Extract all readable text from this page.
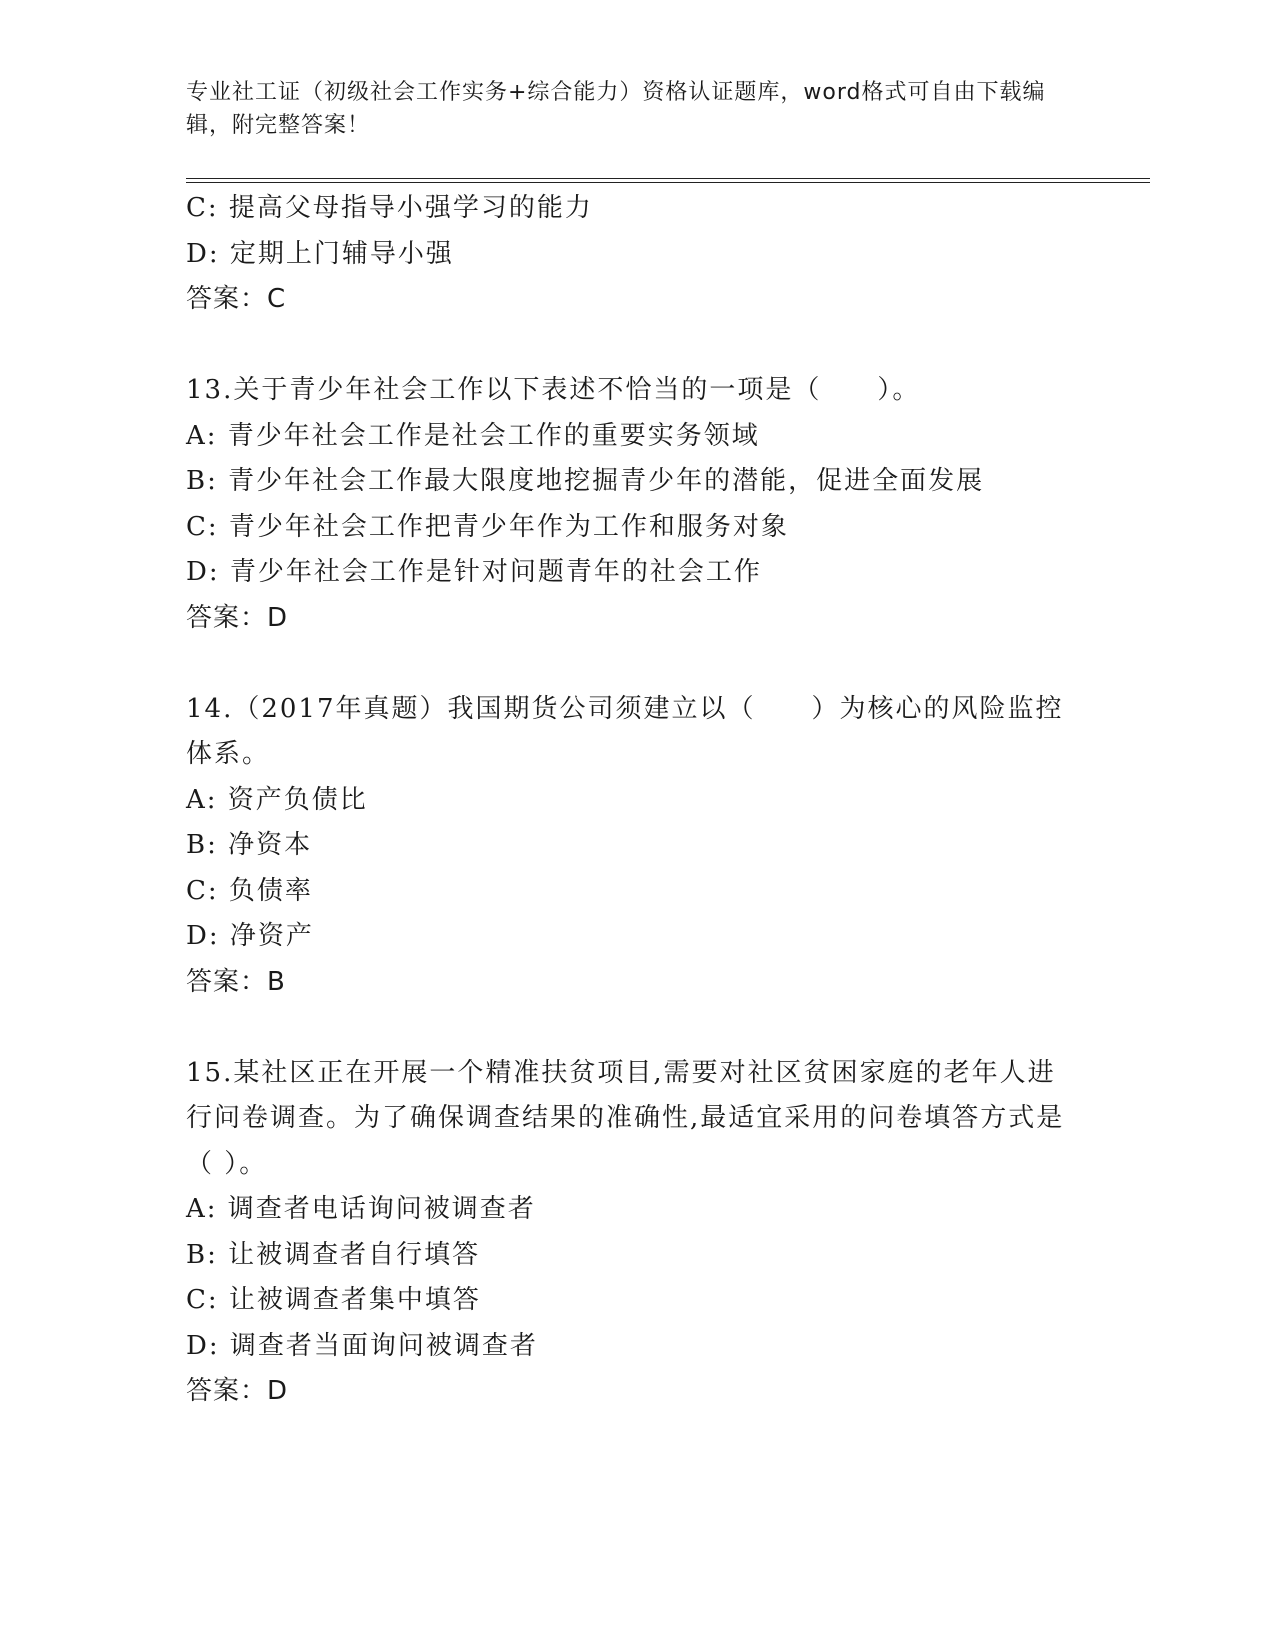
专业社工证（初级社会工作实务+综合能力）资格认证题库，word格式可自由下载编辑，附完整答案！
C: 提高父母指导小强学习的能力
D: 定期上门辅导小强
答案：C
13.关于青少年社会工作以下表述不恰当的一项是（　　）。
A: 青少年社会工作是社会工作的重要实务领域
B: 青少年社会工作最大限度地挖掘青少年的潜能，促进全面发展
C: 青少年社会工作把青少年作为工作和服务对象
D: 青少年社会工作是针对问题青年的社会工作
答案：D
14.（2017年真题）我国期货公司须建立以（　　）为核心的风险监控体系。
A: 资产负债比
B: 净资本
C: 负债率
D: 净资产
答案：B
15.某社区正在开展一个精准扶贫项目,需要对社区贫困家庭的老年人进行问卷调查。为了确保调查结果的准确性,最适宜采用的问卷填答方式是（ ）。
A: 调查者电话询问被调查者
B: 让被调查者自行填答
C: 让被调查者集中填答
D: 调查者当面询问被调查者
答案：D
